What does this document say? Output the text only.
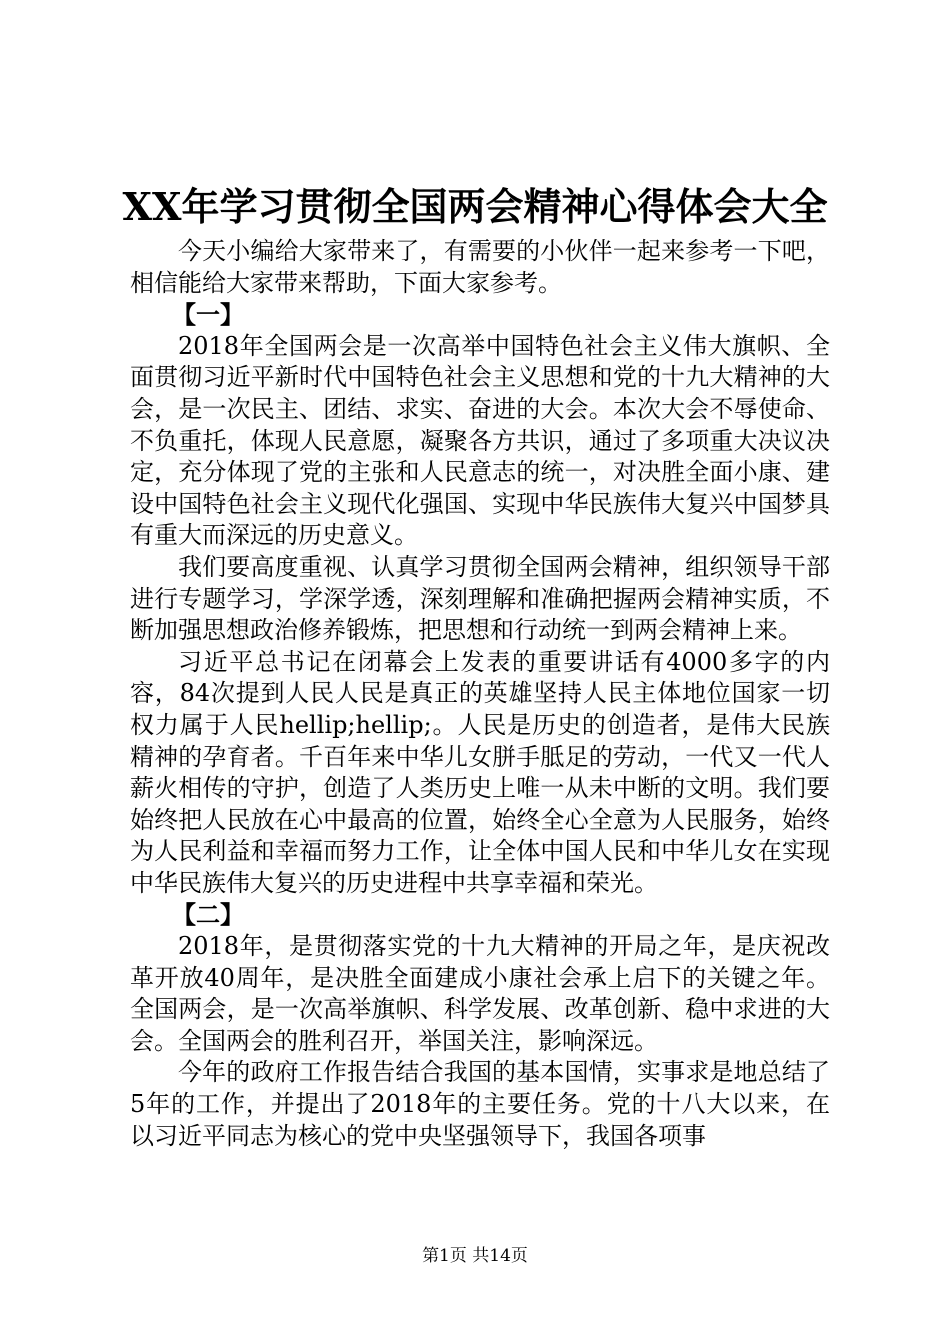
XX年学习贯彻全国两会精神心得体会大全

今天小编给大家带来了，有需要的小伙伴一起来参考一下吧，相信能给大家带来帮助，下面大家参考。

【一】

2018年全国两会是一次高举中国特色社会主义伟大旗帜、全面贯彻习近平新时代中国特色社会主义思想和党的十九大精神的大会，是一次民主、团结、求实、奋进的大会。本次大会不辱使命、不负重托，体现人民意愿，凝聚各方共识，通过了多项重大决议决定，充分体现了党的主张和人民意志的统一，对决胜全面小康、建设中国特色社会主义现代化强国、实现中华民族伟大复兴中国梦具有重大而深远的历史意义。

我们要高度重视、认真学习贯彻全国两会精神，组织领导干部进行专题学习，学深学透，深刻理解和准确把握两会精神实质，不断加强思想政治修养锻炼，把思想和行动统一到两会精神上来。

习近平总书记在闭幕会上发表的重要讲话有4000多字的内容，84次提到人民人民是真正的英雄坚持人民主体地位国家一切权力属于人民hellip;hellip;。人民是历史的创造者，是伟大民族精神的孕育者。千百年来中华儿女胼手胝足的劳动，一代又一代人薪火相传的守护，创造了人类历史上唯一从未中断的文明。我们要始终把人民放在心中最高的位置，始终全心全意为人民服务，始终为人民利益和幸福而努力工作，让全体中国人民和中华儿女在实现中华民族伟大复兴的历史进程中共享幸福和荣光。

【二】

2018年，是贯彻落实党的十九大精神的开局之年，是庆祝改革开放40周年，是决胜全面建成小康社会承上启下的关键之年。全国两会，是一次高举旗帜、科学发展、改革创新、稳中求进的大会。全国两会的胜利召开，举国关注，影响深远。

今年的政府工作报告结合我国的基本国情，实事求是地总结了5年的工作，并提出了2018年的主要任务。党的十八大以来，在以习近平同志为核心的党中央坚强领导下，我国各项事

第1页 共14页
